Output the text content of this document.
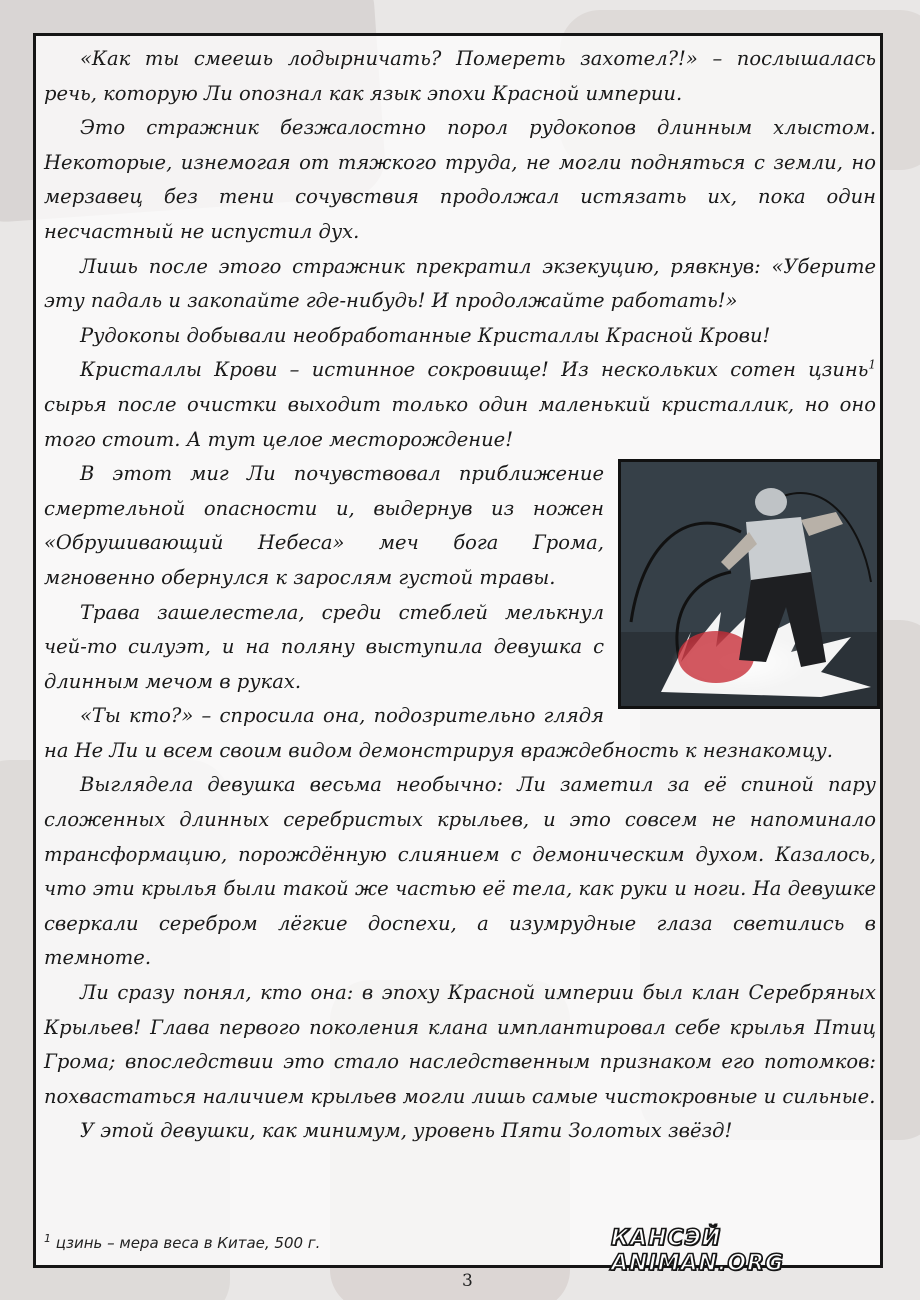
«Как ты смеешь лодырничать? Помереть захотел?!» – послышалась речь, которую Ли опознал как язык эпохи Красной империи.

Это стражник безжалостно порол рудокопов длинным хлыстом. Некоторые, изнемогая от тяжкого труда, не могли подняться с земли, но мерзавец без тени сочувствия продолжал истязать их, пока один несчастный не испустил дух.

Лишь после этого стражник прекратил экзекуцию, рявкнув: «Уберите эту падаль и закопайте где-нибудь! И продолжайте работать!»

Рудокопы добывали необработанные Кристаллы Красной Крови!

Кристаллы Крови – истинное сокровище! Из нескольких сотен цзинь$^1$ сырья после очистки выходит только один маленький кристаллик, но оно того стоит. А тут целое месторождение!

В этот миг Ли почувствовал приближение смертельной опасности и, выдернув из ножен «Обрушивающий Небеса» меч бога Грома, мгновенно обернулся к зарослям густой травы.

Трава зашелестела, среди стеблей мелькнул чей-то силуэт, и на поляну выступила девушка с длинным мечом в руках.

«Ты кто?» – спросила она, подозрительно глядя на Не Ли и всем своим видом демонстрируя враждебность к незнакомцу.

Выглядела девушка весьма необычно: Ли заметил за её спиной пару сложенных длинных серебристых крыльев, и это совсем не напоминало трансформацию, порождённую слиянием с демоническим духом. Казалось, что эти крылья были такой же частью её тела, как руки и ноги. На девушке сверкали серебром лёгкие доспехи, а изумрудные глаза светились в темноте.

Ли сразу понял, кто она: в эпоху Красной империи был клан Серебряных Крыльев! Глава первого поколения клана имплантировал себе крылья Птиц Грома; впоследствии это стало наследственным признаком его потомков: похвастаться наличием крыльев могли лишь самые чистокровные и сильные.

У этой девушки, как минимум, уровень Пяти Золотых звёзд!

$^1$ цзинь – мера веса в Китае, 500 г.	КАНСЭЙ ANIMAN.ORG
3
